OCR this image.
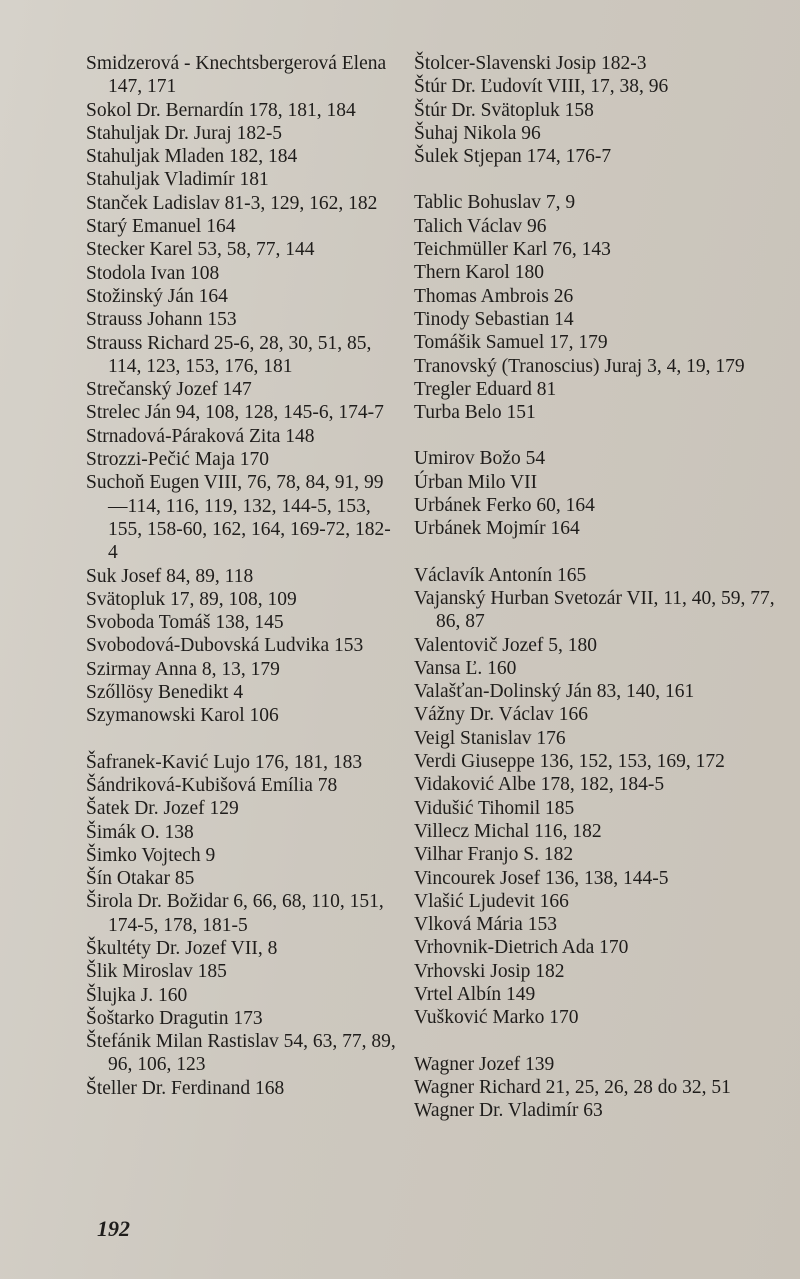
Smidzerová - Knechtsbergerová Elena 147, 171

Sokol Dr. Bernardín 178, 181, 184

Stahuljak Dr. Juraj 182-5

Stahuljak Mladen 182, 184

Stahuljak Vladimír 181

Stanček Ladislav 81-3, 129, 162, 182

Starý Emanuel 164

Stecker Karel 53, 58, 77, 144

Stodola Ivan 108

Stožinský Ján 164

Strauss Johann 153

Strauss Richard 25-6, 28, 30, 51, 85, 114, 123, 153, 176, 181

Strečanský Jozef 147

Strelec Ján 94, 108, 128, 145-6, 174-7

Strnadová-Páraková Zita 148

Strozzi-Pečić Maja 170

Suchoň Eugen VIII, 76, 78, 84, 91, 99—114, 116, 119, 132, 144-5, 153, 155, 158-60, 162, 164, 169-72, 182-4

Suk Josef 84, 89, 118

Svätopluk 17, 89, 108, 109

Svoboda Tomáš 138, 145

Svobodová-Dubovská Ludvika 153

Szirmay Anna 8, 13, 179

Szőllösy Benedikt 4

Szymanowski Karol 106

Šafranek-Kavić Lujo 176, 181, 183

Šándriková-Kubišová Emília 78

Šatek Dr. Jozef 129

Šimák O. 138

Šimko Vojtech 9

Šín Otakar 85

Širola Dr. Božidar 6, 66, 68, 110, 151, 174-5, 178, 181-5

Škultéty Dr. Jozef VII, 8

Šlik Miroslav 185

Šlujka J. 160

Šoštarko Dragutin 173

Štefánik Milan Rastislav 54, 63, 77, 89, 96, 106, 123

Šteller Dr. Ferdinand 168

Štolcer-Slavenski Josip 182-3

Štúr Dr. Ľudovít VIII, 17, 38, 96

Štúr Dr. Svätopluk 158

Šuhaj Nikola 96

Šulek Stjepan 174, 176-7

Tablic Bohuslav 7, 9

Talich Václav 96

Teichmüller Karl 76, 143

Thern Karol 180

Thomas Ambrois 26

Tinody Sebastian 14

Tomášik Samuel 17, 179

Tranovský (Tranoscius) Juraj 3, 4, 19, 179

Tregler Eduard 81

Turba Belo 151

Umirov Božo 54

Úrban Milo VII

Urbánek Ferko 60, 164

Urbánek Mojmír 164

Václavík Antonín 165

Vajanský Hurban Svetozár VII, 11, 40, 59, 77, 86, 87

Valentovič Jozef 5, 180

Vansa Ľ. 160

Valašťan-Dolinský Ján 83, 140, 161

Vážny Dr. Václav 166

Veigl Stanislav 176

Verdi Giuseppe 136, 152, 153, 169, 172

Vidaković Albe 178, 182, 184-5

Vidušić Tihomil 185

Villecz Michal 116, 182

Vilhar Franjo S. 182

Vincourek Josef 136, 138, 144-5

Vlašić Ljudevit 166

Vlková Mária 153

Vrhovnik-Dietrich Ada 170

Vrhovski Josip 182

Vrtel Albín 149

Vušković Marko 170

Wagner Jozef 139

Wagner Richard 21, 25, 26, 28 do 32, 51

Wagner Dr. Vladimír 63

192
